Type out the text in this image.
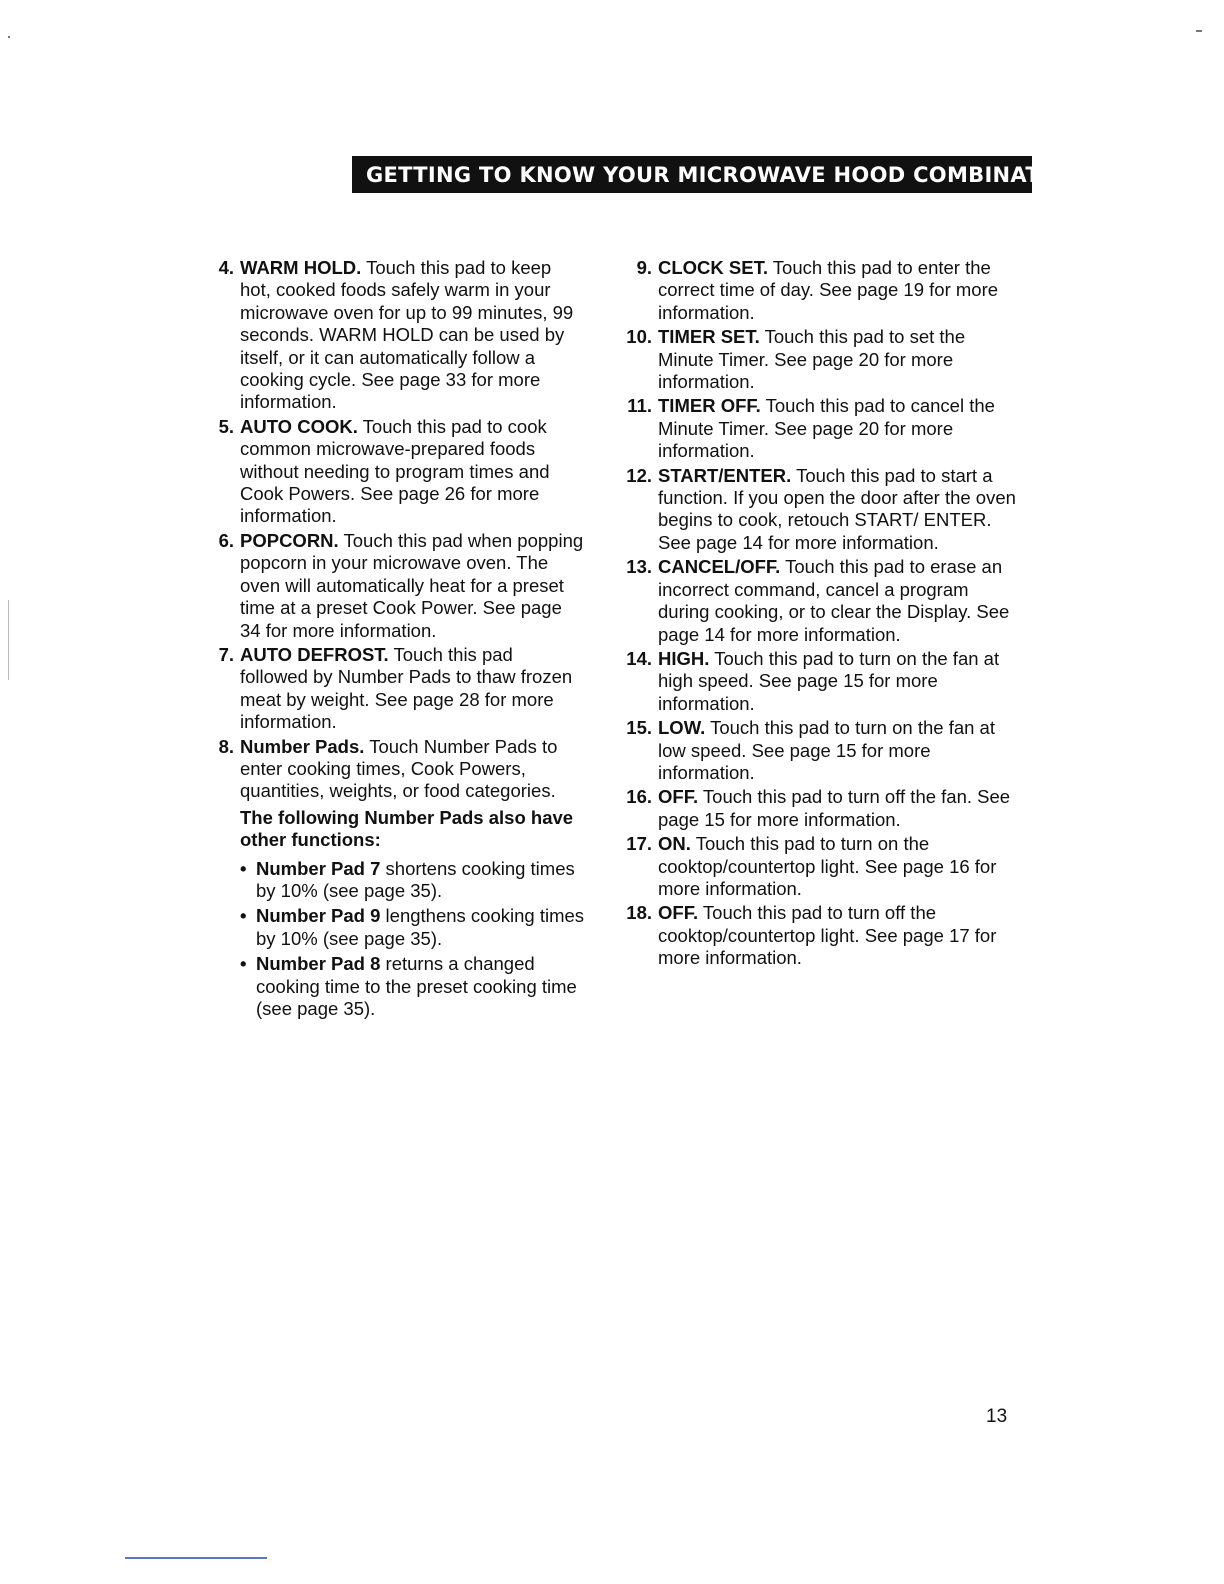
GETTING TO KNOW YOUR MICROWAVE HOOD COMBINATION
4. WARM HOLD. Touch this pad to keep hot, cooked foods safely warm in your microwave oven for up to 99 minutes, 99 seconds. WARM HOLD can be used by itself, or it can automatically follow a cooking cycle. See page 33 for more information.
5. AUTO COOK. Touch this pad to cook common microwave-prepared foods without needing to program times and Cook Powers. See page 26 for more information.
6. POPCORN. Touch this pad when popping popcorn in your microwave oven. The oven will automatically heat for a preset time at a preset Cook Power. See page 34 for more information.
7. AUTO DEFROST. Touch this pad followed by Number Pads to thaw frozen meat by weight. See page 28 for more information.
8. Number Pads. Touch Number Pads to enter cooking times, Cook Powers, quantities, weights, or food categories.
The following Number Pads also have other functions:
• Number Pad 7 shortens cooking times by 10% (see page 35).
• Number Pad 9 lengthens cooking times by 10% (see page 35).
• Number Pad 8 returns a changed cooking time to the preset cooking time (see page 35).
9. CLOCK SET. Touch this pad to enter the correct time of day. See page 19 for more information.
10. TIMER SET. Touch this pad to set the Minute Timer. See page 20 for more information.
11. TIMER OFF. Touch this pad to cancel the Minute Timer. See page 20 for more information.
12. START/ENTER. Touch this pad to start a function. If you open the door after the oven begins to cook, retouch START/ ENTER. See page 14 for more information.
13. CANCEL/OFF. Touch this pad to erase an incorrect command, cancel a program during cooking, or to clear the Display. See page 14 for more information.
14. HIGH. Touch this pad to turn on the fan at high speed. See page 15 for more information.
15. LOW. Touch this pad to turn on the fan at low speed. See page 15 for more information.
16. OFF. Touch this pad to turn off the fan. See page 15 for more information.
17. ON. Touch this pad to turn on the cooktop/countertop light. See page 16 for more information.
18. OFF. Touch this pad to turn off the cooktop/countertop light. See page 17 for more information.
13
